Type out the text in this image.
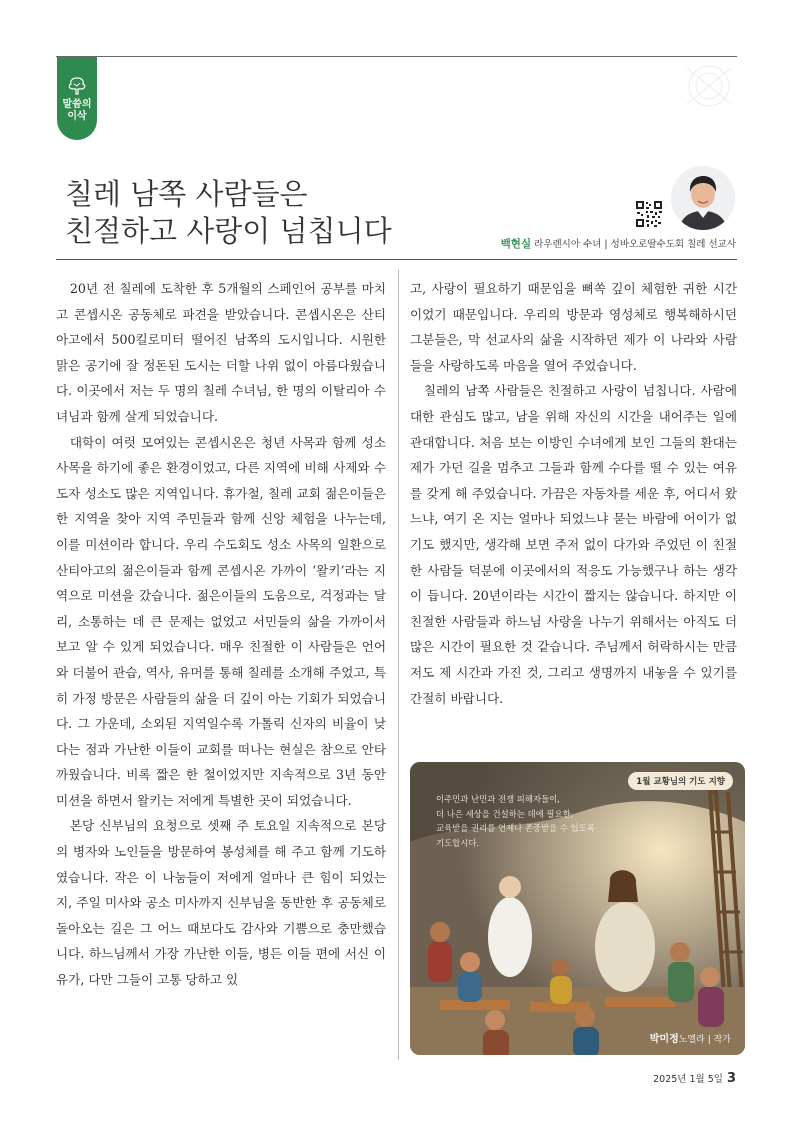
말씀의
이삭
칠레 남쪽 사람들은
친절하고 사랑이 넘칩니다	백현실 라우렌시아 수녀 | 성바오로딸수도회 칠레 선교사

20년 전 칠레에 도착한 후 5개월의 스페인어 공부를 마치고 콘셉시온 공동체로 파견을 받았습니다. 콘셉시온은 산티아고에서 500킬로미터 떨어진 남쪽의 도시입니다. 시원한 맑은 공기에 잘 정돈된 도시는 더할 나위 없이 아름다웠습니다. 이곳에서 저는 두 명의 칠레 수녀님, 한 명의 이탈리아 수녀님과 함께 살게 되었습니다.

대학이 여럿 모여있는 콘셉시온은 청년 사목과 함께 성소 사목을 하기에 좋은 환경이었고, 다른 지역에 비해 사제와 수도자 성소도 많은 지역입니다. 휴가철, 칠레 교회 젊은이들은 한 지역을 찾아 지역 주민들과 함께 신앙 체험을 나누는데, 이를 미션이라 합니다. 우리 수도회도 성소 사목의 일환으로 산티아고의 젊은이들과 함께 콘셉시온 가까이 ‘왈키’라는 지역으로 미션을 갔습니다. 젊은이들의 도움으로, 걱정과는 달리, 소통하는 데 큰 문제는 없었고 서민들의 삶을 가까이서 보고 알 수 있게 되었습니다. 매우 친절한 이 사람들은 언어와 더불어 관습, 역사, 유머를 통해 칠레를 소개해 주었고, 특히 가정 방문은 사람들의 삶을 더 깊이 아는 기회가 되었습니다. 그 가운데, 소외된 지역일수록 가톨릭 신자의 비율이 낮다는 점과 가난한 이들이 교회를 떠나는 현실은 참으로 안타까웠습니다. 비록 짧은 한 철이었지만 지속적으로 3년 동안 미션을 하면서 왈키는 저에게 특별한 곳이 되었습니다.

본당 신부님의 요청으로 셋째 주 토요일 지속적으로 본당의 병자와 노인들을 방문하여 봉성체를 해 주고 함께 기도하였습니다. 작은 이 나눔들이 저에게 얼마나 큰 힘이 되었는지, 주일 미사와 공소 미사까지 신부님을 동반한 후 공동체로 돌아오는 길은 그 어느 때보다도 감사와 기쁨으로 충만했습니다. 하느님께서 가장 가난한 이들, 병든 이들 편에 서신 이유가, 다만 그들이 고통 당하고 있

고, 사랑이 필요하기 때문임을 뼈쏙 깊이 체험한 귀한 시간이었기 때문입니다. 우리의 방문과 영성체로 행복해하시던 그분들은, 막 선교사의 삶을 시작하던 제가 이 나라와 사람들을 사랑하도록 마음을 열어 주었습니다.

칠레의 남쪽 사람들은 친절하고 사랑이 넘칩니다. 사람에 대한 관심도 많고, 남을 위해 자신의 시간을 내어주는 일에 관대합니다. 처음 보는 이방인 수녀에게 보인 그들의 환대는 제가 가던 길을 멈추고 그들과 함께 수다를 떨 수 있는 여유를 갖게 해 주었습니다. 가끔은 자동차를 세운 후, 어디서 왔느냐, 여기 온 지는 얼마나 되었느냐 묻는 바람에 어이가 없기도 했지만, 생각해 보면 주저 없이 다가와 주었던 이 친절한 사람들 덕분에 이곳에서의 적응도 가능했구나 하는 생각이 듭니다. 20년이라는 시간이 짧지는 않습니다. 하지만 이 친절한 사람들과 하느님 사랑을 나누기 위해서는 아직도 더 많은 시간이 필요한 것 같습니다. 주님께서 허락하시는 만큼 저도 제 시간과 가진 것, 그리고 생명까지 내놓을 수 있기를 간절히 바랍니다.

1월 교황님의 기도 지향
이주민과 난민과 전쟁 피해자들이,
더 나은 세상을 건설하는 데에 필요한,
교육받을 권리를 언제나 존중받을 수 있도록
기도합시다.
박미정노엘라 | 작가
2025년 1월 5일 3
